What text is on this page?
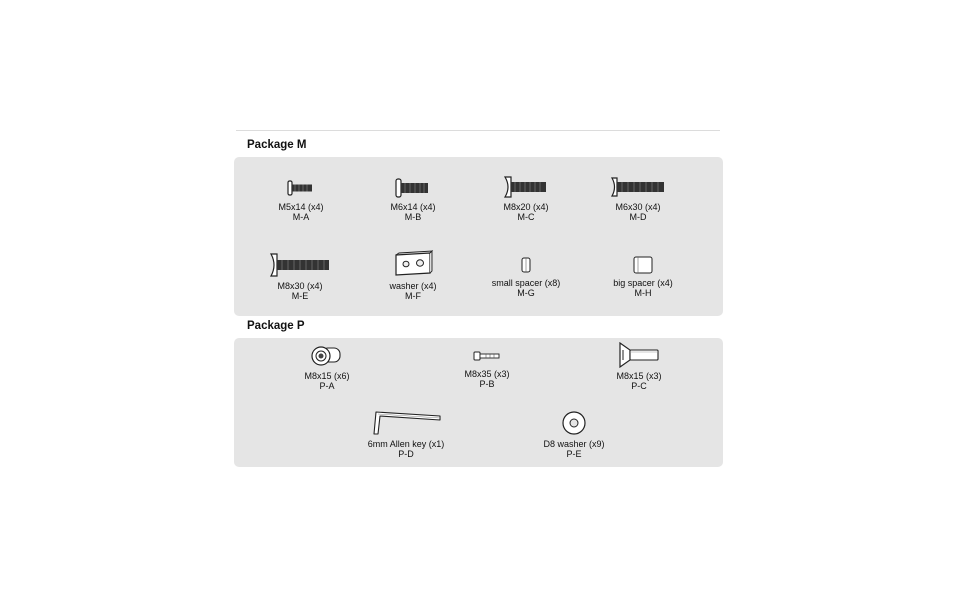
Package M
M5x14 (x4)
M-A
M6x14 (x4)
M-B
M8x20 (x4)
M-C
M6x30 (x4)
M-D
M8x30 (x4)
M-E
washer (x4)
M-F
small spacer (x8)
M-G
big spacer (x4)
M-H
Package P
M8x15 (x6)
P-A
M8x35 (x3)
P-B
M8x15 (x3)
P-C
6mm Allen key (x1)
P-D
D8 washer (x9)
P-E
